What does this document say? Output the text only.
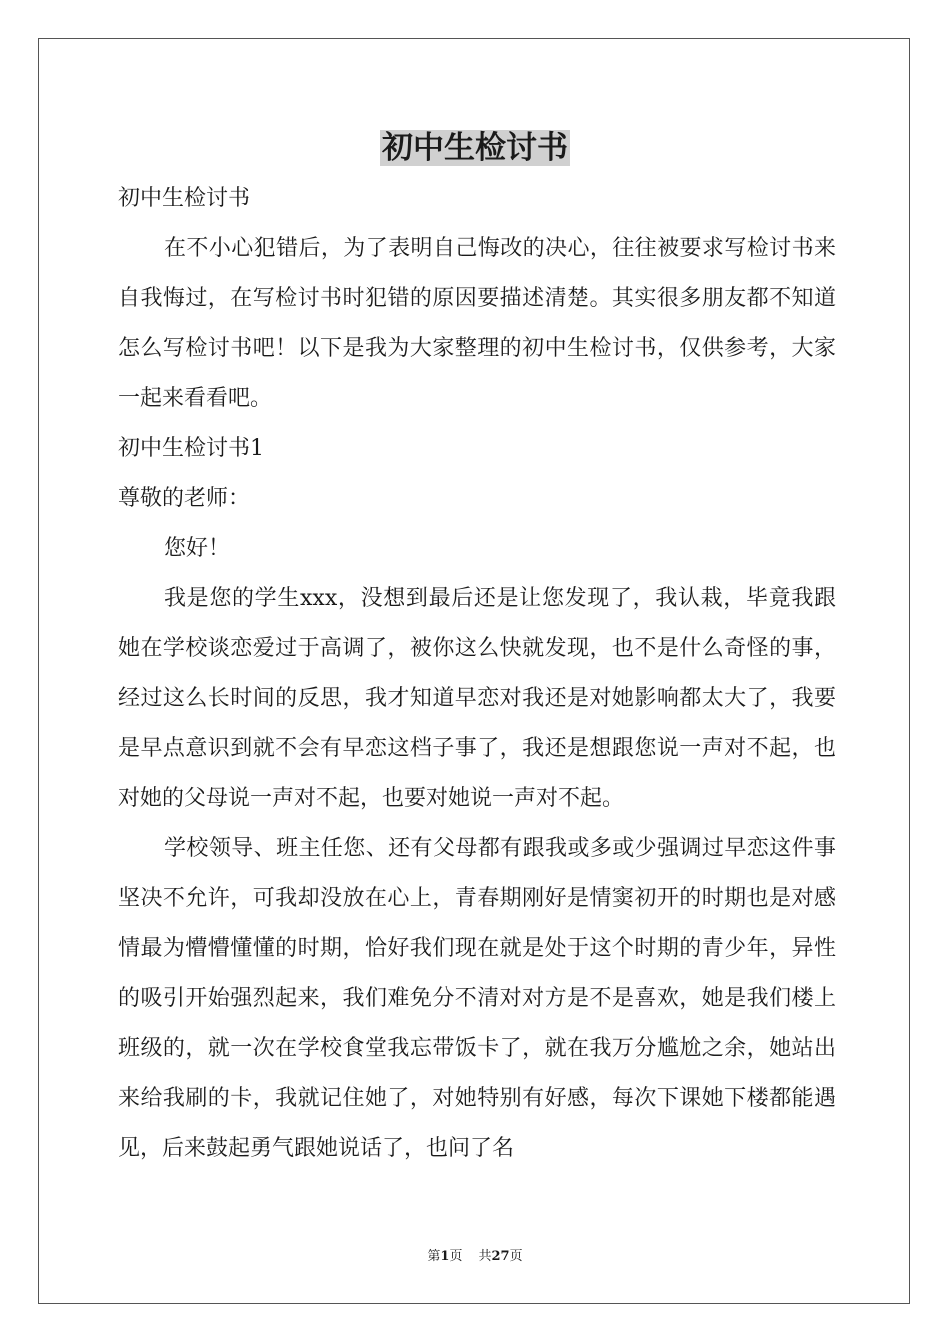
初中生检讨书

初中生检讨书

在不小心犯错后，为了表明自己悔改的决心，往往被要求写检讨书来自我悔过，在写检讨书时犯错的原因要描述清楚。其实很多朋友都不知道怎么写检讨书吧！以下是我为大家整理的初中生检讨书，仅供参考，大家一起来看看吧。

初中生检讨书1

尊敬的老师：

您好！

我是您的学生xxx，没想到最后还是让您发现了，我认栽，毕竟我跟她在学校谈恋爱过于高调了，被你这么快就发现，也不是什么奇怪的事，经过这么长时间的反思，我才知道早恋对我还是对她影响都太大了，我要是早点意识到就不会有早恋这档子事了，我还是想跟您说一声对不起，也对她的父母说一声对不起，也要对她说一声对不起。

学校领导、班主任您、还有父母都有跟我或多或少强调过早恋这件事坚决不允许，可我却没放在心上，青春期刚好是情窦初开的时期也是对感情最为懵懵懂懂的时期，恰好我们现在就是处于这个时期的青少年，异性的吸引开始强烈起来，我们难免分不清对对方是不是喜欢，她是我们楼上班级的，就一次在学校食堂我忘带饭卡了，就在我万分尴尬之余，她站出来给我刷的卡，我就记住她了，对她特别有好感，每次下课她下楼都能遇见，后来鼓起勇气跟她说话了，也问了名

第1页 共27页
